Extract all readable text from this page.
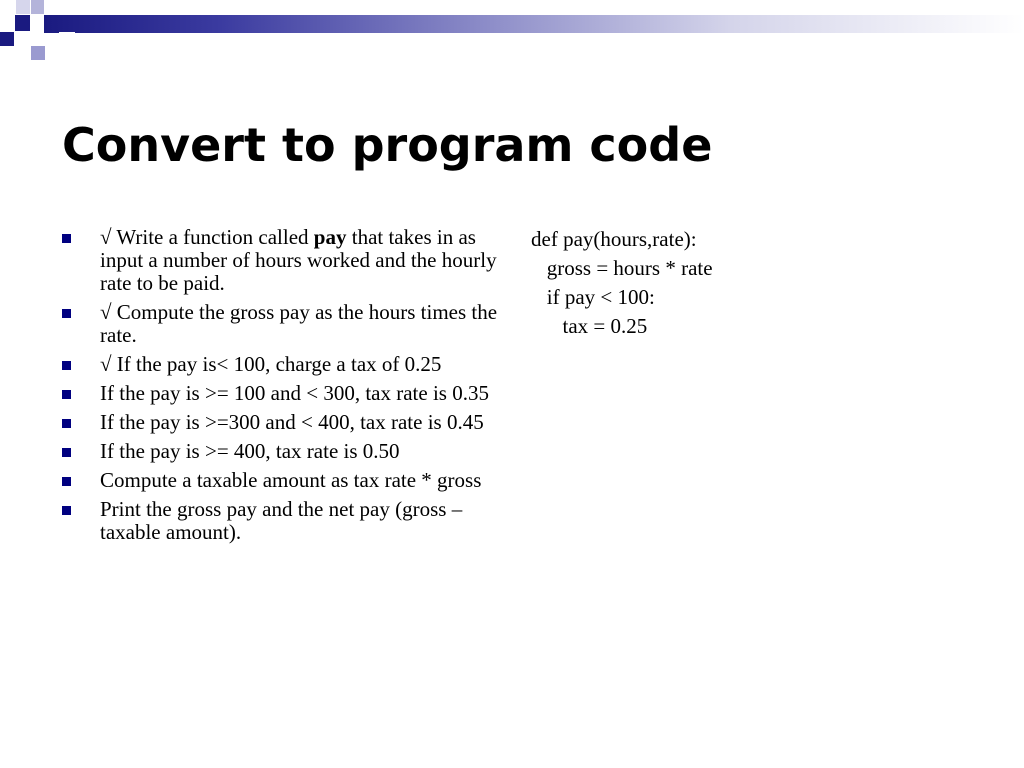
Convert to program code
√ Write a function called pay that takes in as input a number of hours worked and the hourly rate to be paid.
√ Compute the gross pay as the hours times the rate.
√ If the pay is< 100, charge a tax of 0.25
If the pay is >= 100 and < 300, tax rate is 0.35
If the pay is >=300 and < 400, tax rate is 0.45
If the pay is >= 400, tax rate is 0.50
Compute a taxable amount as tax rate * gross
Print the gross pay and the net pay (gross – taxable amount).
def pay(hours,rate):
gross = hours * rate
if pay < 100:
tax = 0.25
